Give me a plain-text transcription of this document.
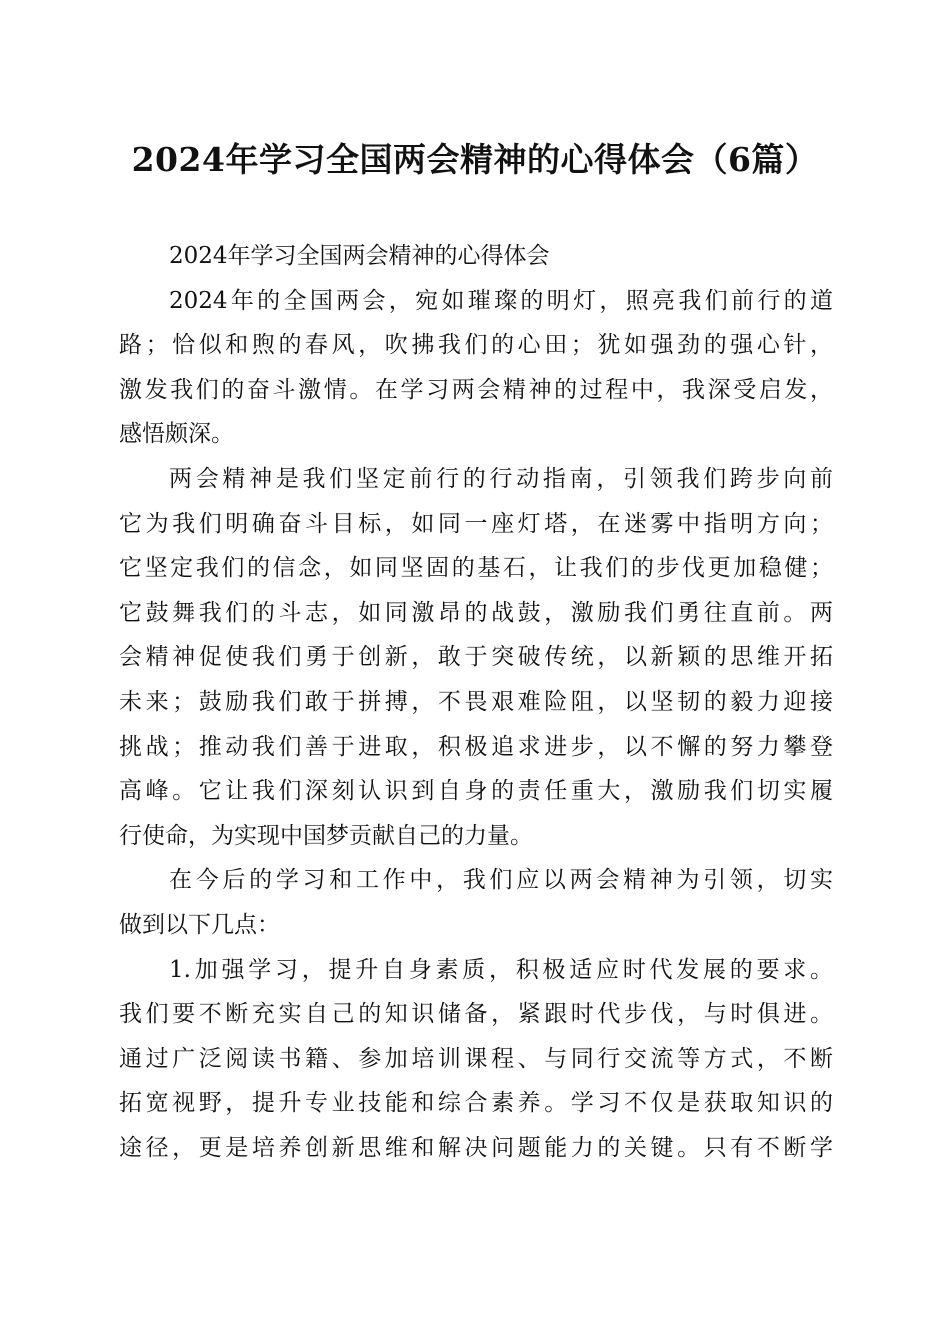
2024年学习全国两会精神的心得体会（6篇）
2024年学习全国两会精神的心得体会
2024年的全国两会，宛如璀璨的明灯，照亮我们前行的道
路；恰似和煦的春风，吹拂我们的心田；犹如强劲的强心针，
激发我们的奋斗激情。在学习两会精神的过程中，我深受启发，
感悟颇深。
两会精神是我们坚定前行的行动指南，引领我们跨步向前
它为我们明确奋斗目标，如同一座灯塔，在迷雾中指明方向；
它坚定我们的信念，如同坚固的基石，让我们的步伐更加稳健；
它鼓舞我们的斗志，如同激昂的战鼓，激励我们勇往直前。两
会精神促使我们勇于创新，敢于突破传统，以新颖的思维开拓
未来；鼓励我们敢于拼搏，不畏艰难险阻，以坚韧的毅力迎接
挑战；推动我们善于进取，积极追求进步，以不懈的努力攀登
高峰。它让我们深刻认识到自身的责任重大，激励我们切实履
行使命，为实现中国梦贡献自己的力量。
在今后的学习和工作中，我们应以两会精神为引领，切实
做到以下几点：
1.加强学习，提升自身素质，积极适应时代发展的要求。
我们要不断充实自己的知识储备，紧跟时代步伐，与时俱进。
通过广泛阅读书籍、参加培训课程、与同行交流等方式，不断
拓宽视野，提升专业技能和综合素养。学习不仅是获取知识的
途径，更是培养创新思维和解决问题能力的关键。只有不断学
